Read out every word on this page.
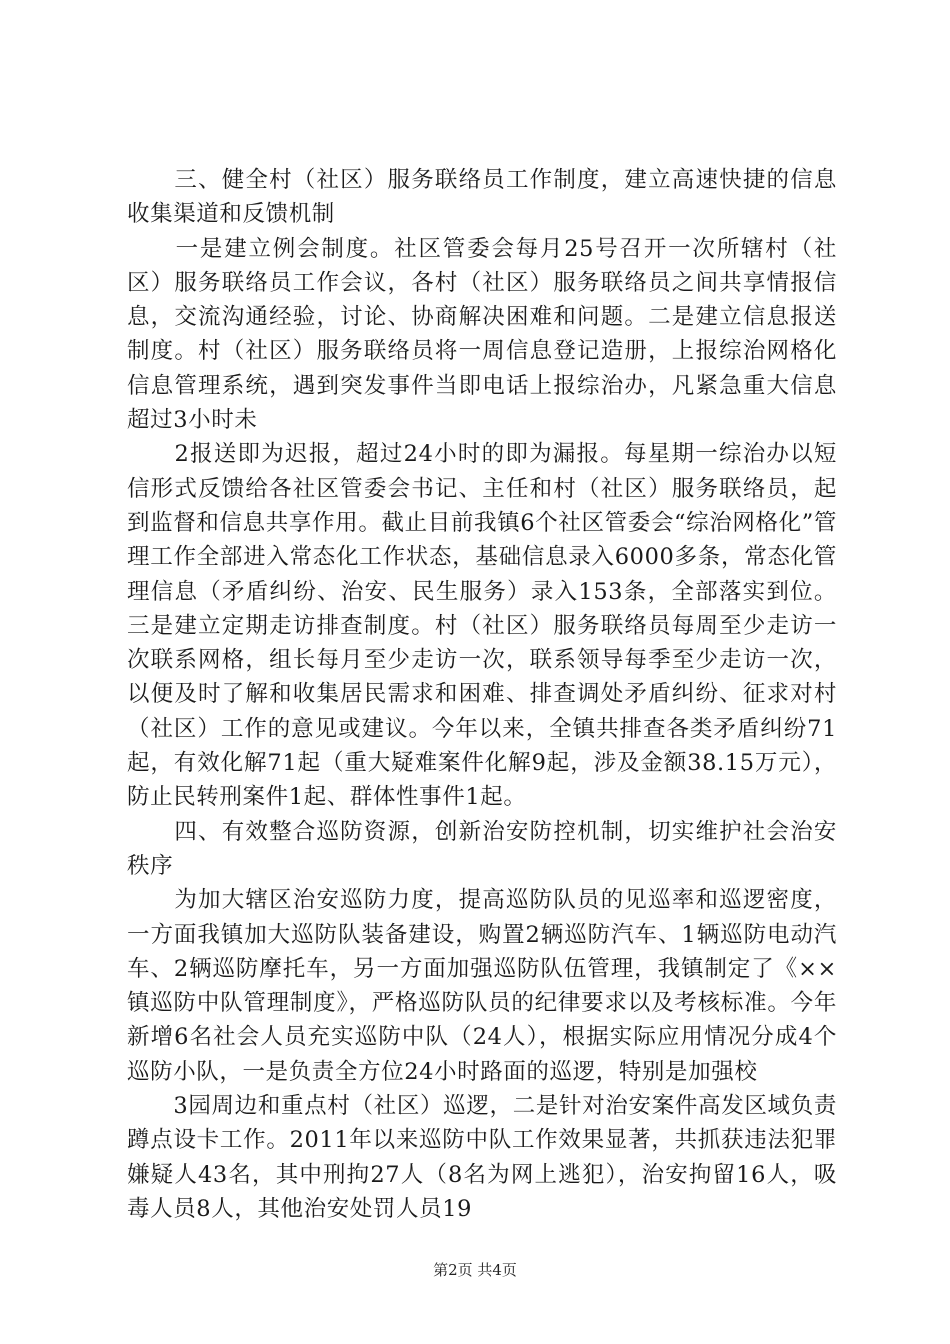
　　三、健全村（社区）服务联络员工作制度，建立高速快捷的信息收集渠道和反馈机制

　　一是建立例会制度。社区管委会每月25号召开一次所辖村（社区）服务联络员工作会议，各村（社区）服务联络员之间共享情报信息，交流沟通经验，讨论、协商解决困难和问题。二是建立信息报送制度。村（社区）服务联络员将一周信息登记造册，上报综治网格化信息管理系统，遇到突发事件当即电话上报综治办，凡紧急重大信息超过3小时未

　　2报送即为迟报，超过24小时的即为漏报。每星期一综治办以短信形式反馈给各社区管委会书记、主任和村（社区）服务联络员，起到监督和信息共享作用。截止目前我镇6个社区管委会“综治网格化”管理工作全部进入常态化工作状态，基础信息录入6000多条，常态化管理信息（矛盾纠纷、治安、民生服务）录入153条，全部落实到位。三是建立定期走访排查制度。村（社区）服务联络员每周至少走访一次联系网格，组长每月至少走访一次，联系领导每季至少走访一次，以便及时了解和收集居民需求和困难、排查调处矛盾纠纷、征求对村（社区）工作的意见或建议。今年以来，全镇共排查各类矛盾纠纷71起，有效化解71起（重大疑难案件化解9起，涉及金额38.15万元），防止民转刑案件1起、群体性事件1起。

　　四、有效整合巡防资源，创新治安防控机制，切实维护社会治安秩序

　　为加大辖区治安巡防力度，提高巡防队员的见巡率和巡逻密度，一方面我镇加大巡防队装备建设，购置2辆巡防汽车、1辆巡防电动汽车、2辆巡防摩托车，另一方面加强巡防队伍管理，我镇制定了《××镇巡防中队管理制度》，严格巡防队员的纪律要求以及考核标准。今年新增6名社会人员充实巡防中队（24人），根据实际应用情况分成4个巡防小队，一是负责全方位24小时路面的巡逻，特别是加强校

　　3园周边和重点村（社区）巡逻，二是针对治安案件高发区域负责蹲点设卡工作。2011年以来巡防中队工作效果显著，共抓获违法犯罪嫌疑人43名，其中刑拘27人（8名为网上逃犯），治安拘留16人，吸毒人员8人，其他治安处罚人员19

第2页 共4页
